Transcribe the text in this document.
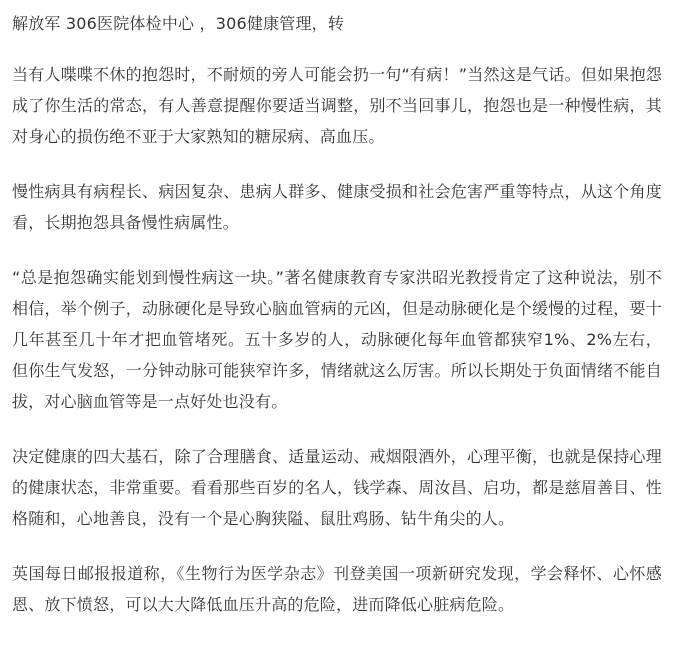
解放军 306医院体检中心 ，306健康管理，转

当有人喋喋不休的抱怨时，不耐烦的旁人可能会扔一句“有病！”当然这是气话。但如果抱怨成了你生活的常态，有人善意提醒你要适当调整，别不当回事儿，抱怨也是一种慢性病，其对身心的损伤绝不亚于大家熟知的糖尿病、高血压。

慢性病具有病程长、病因复杂、患病人群多、健康受损和社会危害严重等特点，从这个角度看，长期抱怨具备慢性病属性。

“总是抱怨确实能划到慢性病这一块。”著名健康教育专家洪昭光教授肯定了这种说法，别不相信，举个例子，动脉硬化是导致心脑血管病的元凶，但是动脉硬化是个缓慢的过程，要十几年甚至几十年才把血管堵死。五十多岁的人，动脉硬化每年血管都狭窄1%、2%左右，但你生气发怒，一分钟动脉可能狭窄许多，情绪就这么厉害。所以长期处于负面情绪不能自拔，对心脑血管等是一点好处也没有。

决定健康的四大基石，除了合理膳食、适量运动、戒烟限酒外，心理平衡，也就是保持心理的健康状态，非常重要。看看那些百岁的名人，钱学森、周汝昌、启功，都是慈眉善目、性格随和，心地善良，没有一个是心胸狭隘、鼠肚鸡肠、钻牛角尖的人。

英国每日邮报报道称，《生物行为医学杂志》刊登美国一项新研究发现，学会释怀、心怀感恩、放下愤怒，可以大大降低血压升高的危险，进而降低心脏病危险。
